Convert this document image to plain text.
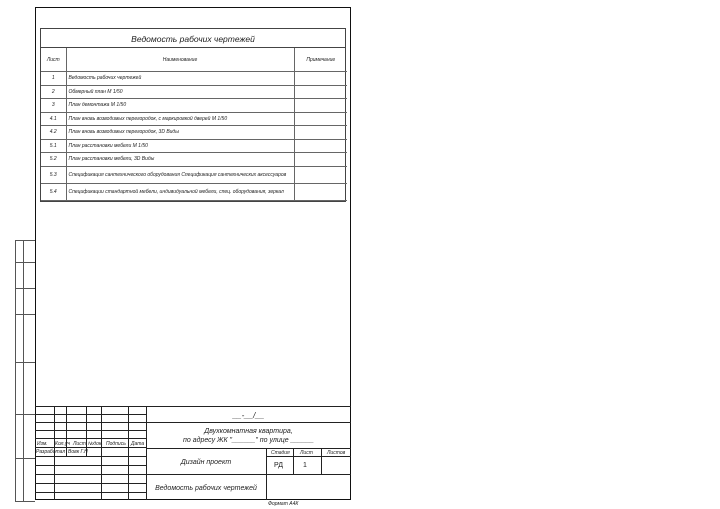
Ведомость рабочих чертежей
Лист	Наименование	Примечание
1	Ведомость рабочих чертежей	
2	Обмерный план М 1/50	
3	План демонтажа М 1/50	
4.1	План вновь возводимых перегородок, с маркировкой дверей М 1/50	
4.2	План вновь возводимых перегородок, 3D Виды	
5.1	План расстановки мебели М 1/50	
5.2	План расстановки мебели, 3D Виды	
5.3	Спецификация сантехнического оборудования Спецификация сантехнических аксессуаров	
5.4	Спецификации стандартной мебели, индивидуальной мебели, спец. оборудования, зеркал	
__-__/__
Двухкомнатная квартира,
по адресу ЖК "______" по улице ______
Дизайн проект
Ведомость рабочих чертежей
Изм. Кол.уч Лист №док. Подпись Дата
Разработал Вовк Г.Н	Стадия Лист	Листов
РД	1
Формат А4К
